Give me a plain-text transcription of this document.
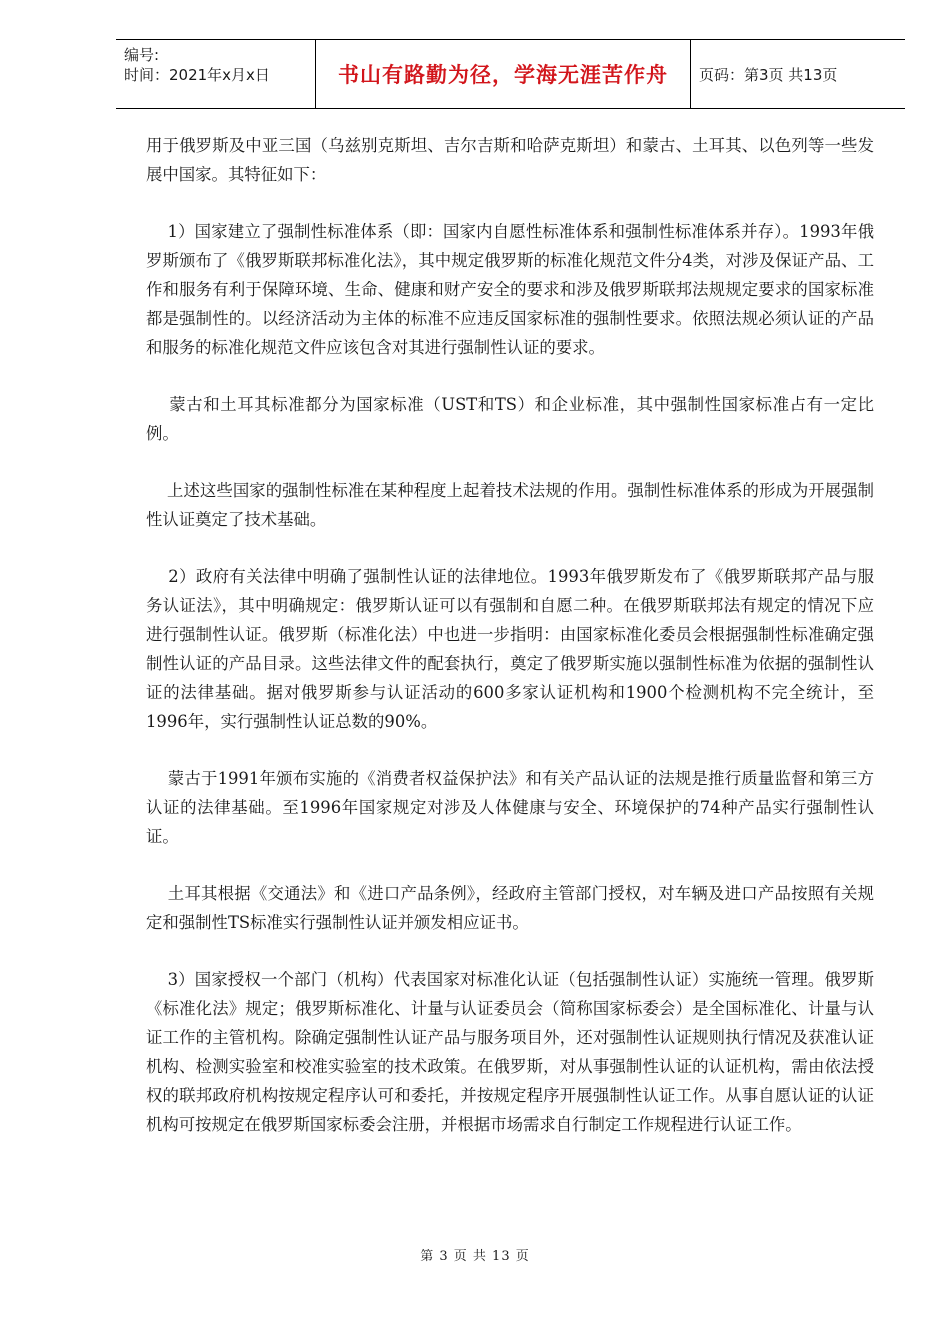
编号:
时间：2021年x月x日	书山有路勤为径，学海无涯苦作舟 页码：第3页 共13页

用于俄罗斯及中亚三国（乌兹别克斯坦、吉尔吉斯和哈萨克斯坦）和蒙古、土耳其、以色列等一些发展中国家。其特征如下：

1）国家建立了强制性标准体系（即：国家内自愿性标准体系和强制性标准体系并存）。1993年俄罗斯颁布了《俄罗斯联邦标准化法》，其中规定俄罗斯的标准化规范文件分4类，对涉及保证产品、工作和服务有利于保障环境、生命、健康和财产安全的要求和涉及俄罗斯联邦法规规定要求的国家标准都是强制性的。以经济活动为主体的标准不应违反国家标准的强制性要求。依照法规必须认证的产品和服务的标准化规范文件应该包含对其进行强制性认证的要求。

蒙古和土耳其标准都分为国家标准（UST和TS）和企业标准，其中强制性国家标准占有一定比例。

上述这些国家的强制性标准在某种程度上起着技术法规的作用。强制性标准体系的形成为开展强制性认证奠定了技术基础。

2）政府有关法律中明确了强制性认证的法律地位。1993年俄罗斯发布了《俄罗斯联邦产品与服务认证法》，其中明确规定：俄罗斯认证可以有强制和自愿二种。在俄罗斯联邦法有规定的情况下应进行强制性认证。俄罗斯（标准化法）中也进一步指明：由国家标准化委员会根据强制性标准确定强制性认证的产品目录。这些法律文件的配套执行，奠定了俄罗斯实施以强制性标准为依据的强制性认证的法律基础。据对俄罗斯参与认证活动的600多家认证机构和1900个检测机构不完全统计，至1996年，实行强制性认证总数的90%。

蒙古于1991年颁布实施的《消费者权益保护法》和有关产品认证的法规是推行质量监督和第三方认证的法律基础。至1996年国家规定对涉及人体健康与安全、环境保护的74种产品实行强制性认证。

土耳其根据《交通法》和《进口产品条例》，经政府主管部门授权，对车辆及进口产品按照有关规定和强制性TS标准实行强制性认证并颁发相应证书。

3）国家授权一个部门（机构）代表国家对标准化认证（包括强制性认证）实施统一管理。俄罗斯《标准化法》规定；俄罗斯标准化、计量与认证委员会（简称国家标委会）是全国标准化、计量与认证工作的主管机构。除确定强制性认证产品与服务项目外，还对强制性认证规则执行情况及获准认证机构、检测实验室和校准实验室的技术政策。在俄罗斯，对从事强制性认证的认证机构，需由依法授权的联邦政府机构按规定程序认可和委托，并按规定程序开展强制性认证工作。从事自愿认证的认证机构可按规定在俄罗斯国家标委会注册，并根据市场需求自行制定工作规程进行认证工作。

第 3 页 共 13 页
